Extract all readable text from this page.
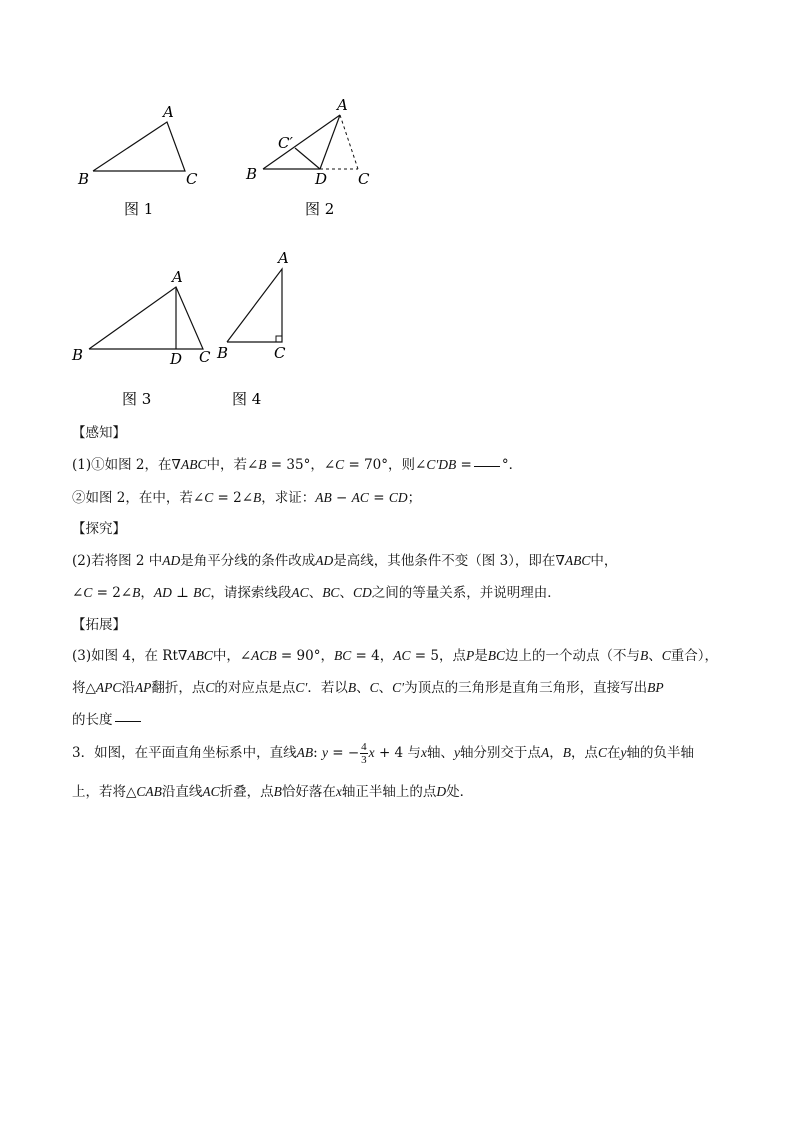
A
B	C
图 1
A
C′
B	D C
图 2
A
B	D C
图 3
A
B	C
图 4
【感知】
(1)①如图 2，在∇ABC中，若∠B = 35°，∠C = 70°，则∠C′DB = °．
②如图 2，在中，若∠C = 2∠B，求证：AB − AC = CD；
【探究】
(2)若将图 2 中AD是角平分线的条件改成AD是高线，其他条件不变（图 3），即在∇ABC中，
∠C = 2∠B，AD ⊥ BC，请探索线段AC、BC、CD之间的等量关系，并说明理由．
【拓展】
(3)如图 4，在 Rt∇ABC中，∠ACB = 90°，BC = 4，AC = 5，点P是BC边上的一个动点（不与B、C重合），
将△APC沿AP翻折，点C的对应点是点C′．若以B、C、C′为顶点的三角形是直角三角形，直接写出BP
的长度
3．如图，在平面直角坐标系中，直线AB: y = − $\frac{4}{3}$ x + 4 与x轴、y轴分别交于点A，B，点C在y轴的负半轴
上，若将△CAB沿直线AC折叠，点B恰好落在x轴正半轴上的点D处．
